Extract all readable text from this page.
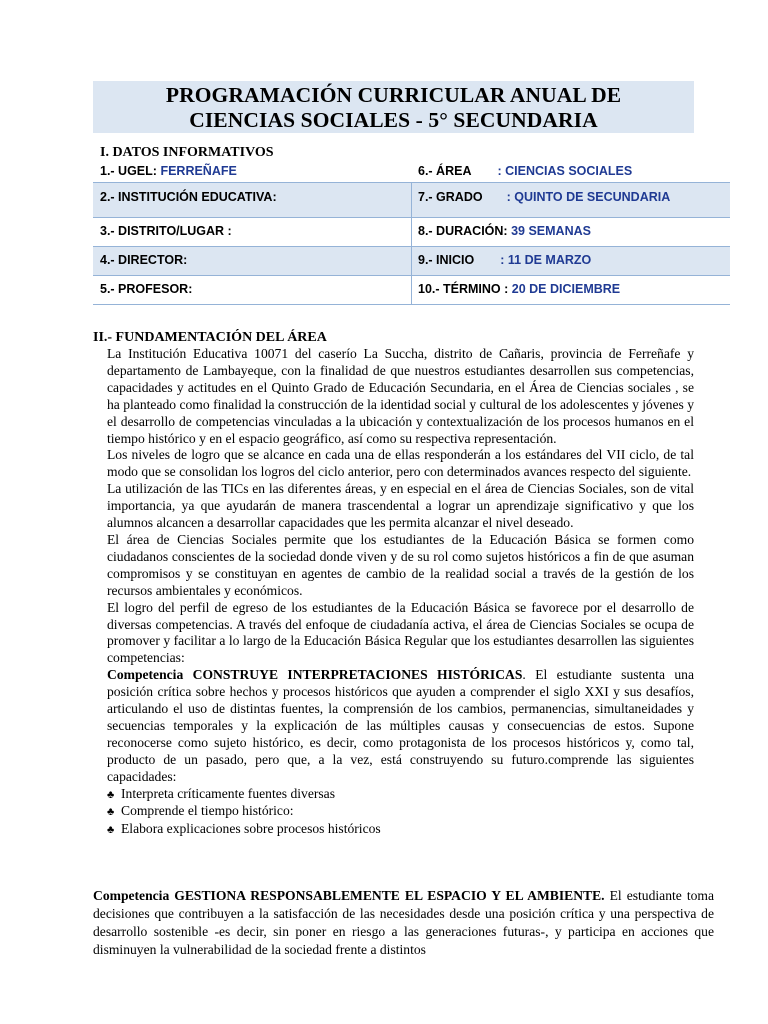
PROGRAMACIÓN CURRICULAR ANUAL DE
CIENCIAS SOCIALES - 5° SECUNDARIA
I. DATOS INFORMATIVOS
1.- UGEL: FERREÑAFE	6.- ÁREA : CIENCIAS SOCIALES
2.- INSTITUCIÓN EDUCATIVA:	7.- GRADO : QUINTO DE SECUNDARIA
3.- DISTRITO/LUGAR :	8.- DURACIÓN: 39 SEMANAS
4.- DIRECTOR:	9.- INICIO : 11 DE MARZO
5.- PROFESOR:	10.- TÉRMINO : 20 DE DICIEMBRE
II.- FUNDAMENTACIÓN DEL ÁREA

La Institución Educativa 10071 del caserío La Succha, distrito de Cañaris, provincia de Ferreñafe y departamento de Lambayeque, con la finalidad de que nuestros estudiantes desarrollen sus competencias, capacidades y actitudes en el Quinto Grado de Educación Secundaria, en el Área de Ciencias sociales , se ha planteado como finalidad la construcción de la identidad social y cultural de los adolescentes y jóvenes y el desarrollo de competencias vinculadas a la ubicación y contextualización de los procesos humanos en el tiempo histórico y en el espacio geográfico, así como su respectiva representación.

Los niveles de logro que se alcance en cada una de ellas responderán a los estándares del VII ciclo, de tal modo que se consolidan los logros del ciclo anterior, pero con determinados avances respecto del siguiente.

La utilización de las TICs en las diferentes áreas, y en especial en el área de Ciencias Sociales, son de vital importancia, ya que ayudarán de manera trascendental a lograr un aprendizaje significativo y que los alumnos alcancen a desarrollar capacidades que les permita alcanzar el nivel deseado.

El área de Ciencias Sociales permite que los estudiantes de la Educación Básica se formen como ciudadanos conscientes de la sociedad donde viven y de su rol como sujetos históricos a fin de que asuman compromisos y se constituyan en agentes de cambio de la realidad social a través de la gestión de los recursos ambientales y económicos.

El logro del perfil de egreso de los estudiantes de la Educación Básica se favorece por el desarrollo de diversas competencias. A través del enfoque de ciudadanía activa, el área de Ciencias Sociales se ocupa de promover y facilitar a lo largo de la Educación Básica Regular que los estudiantes desarrollen las siguientes competencias:

Competencia CONSTRUYE INTERPRETACIONES HISTÓRICAS. El estudiante sustenta una posición crítica sobre hechos y procesos históricos que ayuden a comprender el siglo XXI y sus desafíos, articulando el uso de distintas fuentes, la comprensión de los cambios, permanencias, simultaneidades y secuencias temporales y la explicación de las múltiples causas y consecuencias de estos. Supone reconocerse como sujeto histórico, es decir, como protagonista de los procesos históricos y, como tal, producto de un pasado, pero que, a la vez, está construyendo su futuro.comprende las siguientes capacidades:

♣ Interpreta críticamente fuentes diversas

♣ Comprende el tiempo histórico:

♣ Elabora explicaciones sobre procesos históricos

Competencia GESTIONA RESPONSABLEMENTE EL ESPACIO Y EL AMBIENTE. El estudiante toma decisiones que contribuyen a la satisfacción de las necesidades desde una posición crítica y una perspectiva de desarrollo sostenible -es decir, sin poner en riesgo a las generaciones futuras-, y participa en acciones que disminuyen la vulnerabilidad de la sociedad frente a distintos
